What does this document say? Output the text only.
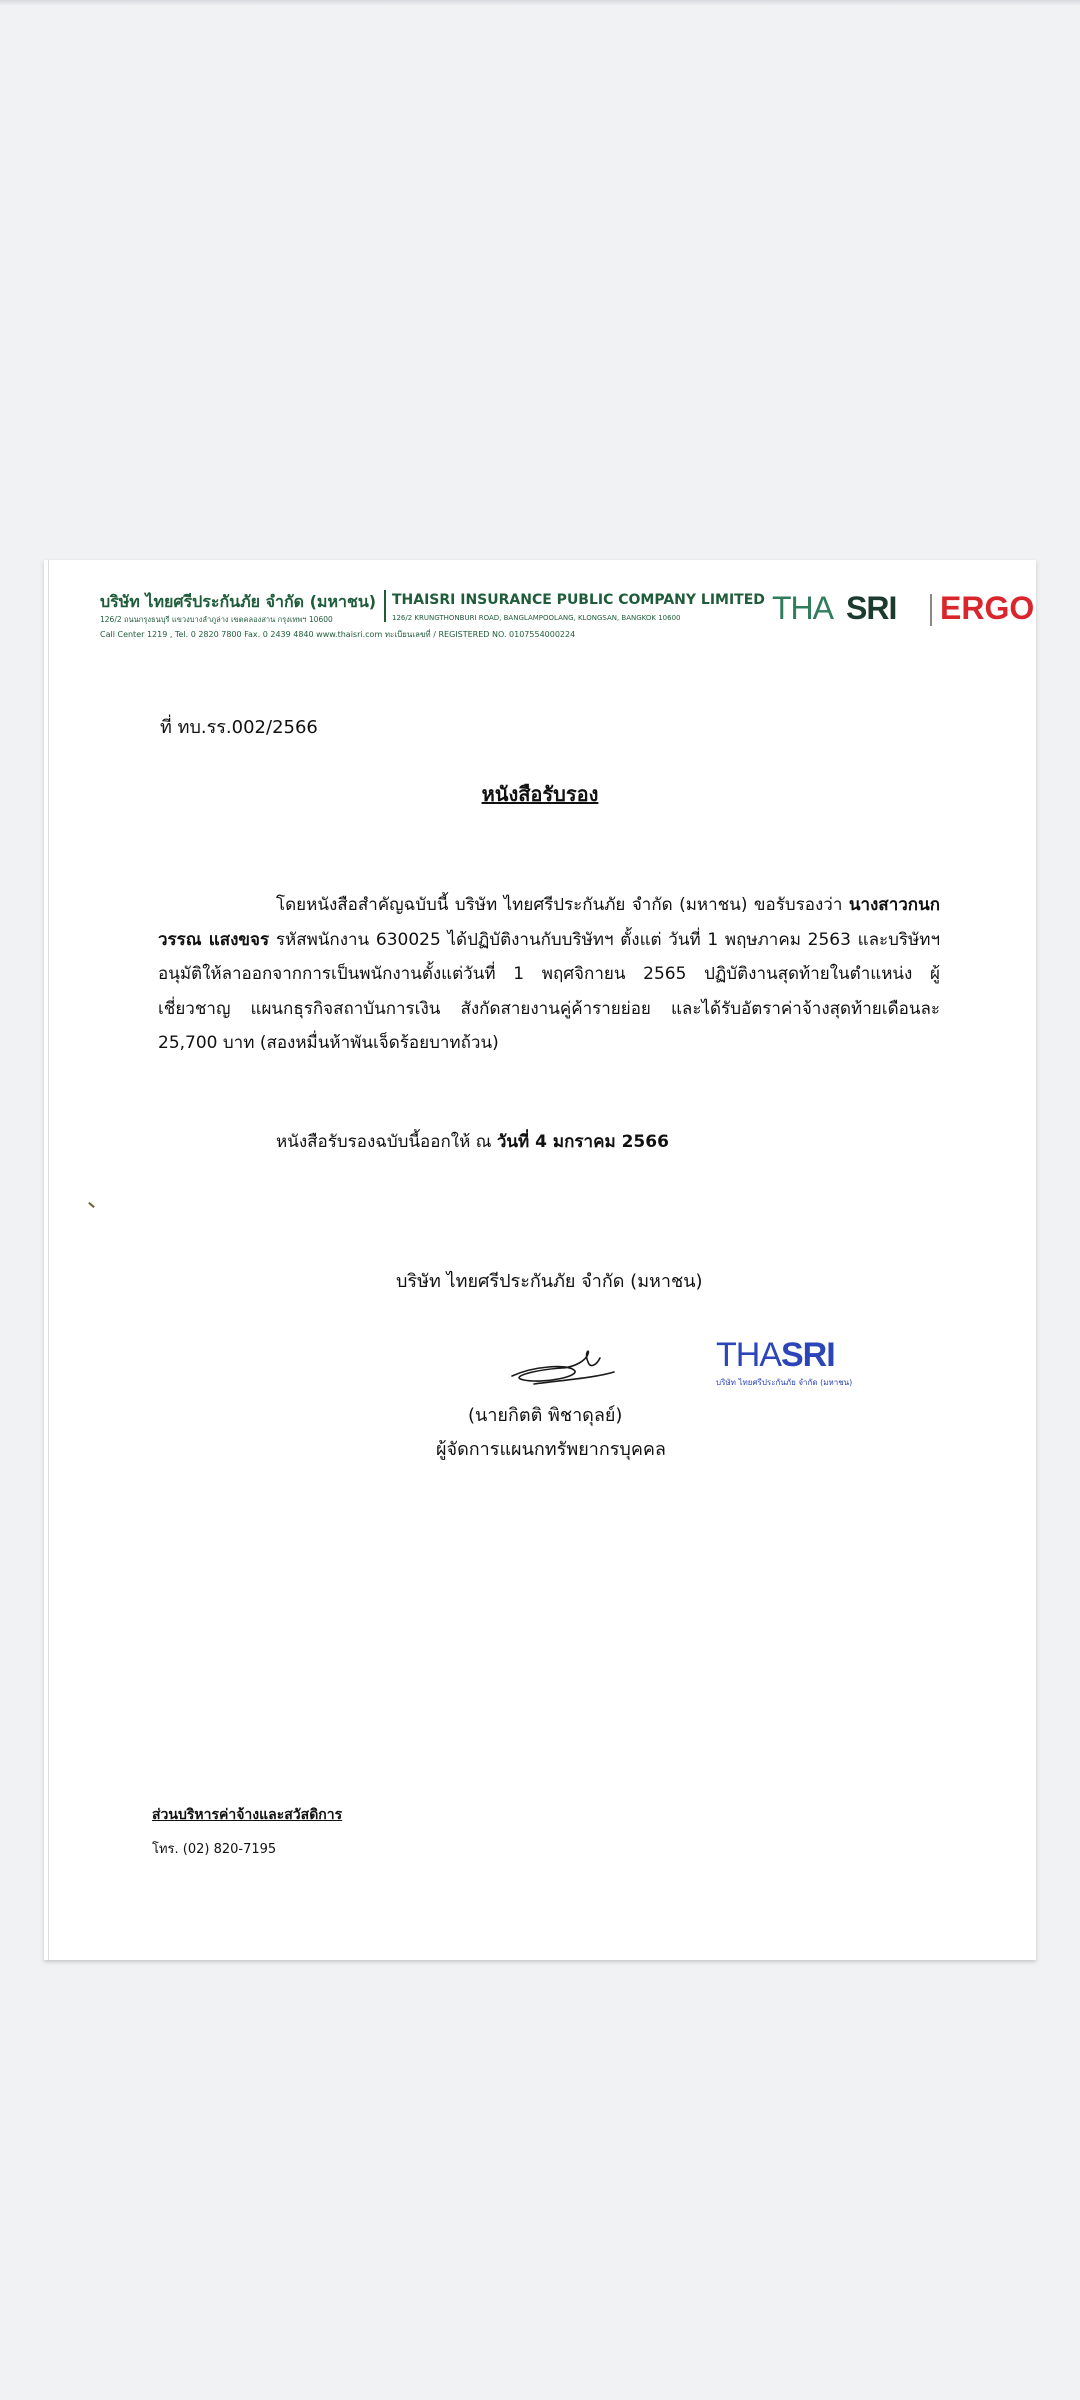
บริษัท ไทยศรีประกันภัย จำกัด (มหาชน) THAISRI INSURANCE PUBLIC COMPANY LIMITED
126/2 ถนนกรุงธนบุรี แขวงบางลำภูล่าง เขตคลองสาน กรุงเทพฯ 10600	126/2 KRUNGTHONBURI ROAD, BANGLAMPOOLANG, KLONGSAN, BANGKOK 10600
Call Center 1219 , Tel. 0 2820 7800 Fax. 0 2439 4840 www.thaisri.com ทะเบียนเลขที่ / REGISTERED NO. 0107554000224
THA SRI ERGO
ที่ ทบ.รร.002/2566
หนังสือรับรอง
โดยหนังสือสำคัญฉบับนี้ บริษัท ไทยศรีประกันภัย จำกัด (มหาชน) ขอรับรองว่า นางสาวกนกวรรณ แสงขจร รหัสพนักงาน 630025 ได้ปฏิบัติงานกับบริษัทฯ ตั้งแต่ วันที่ 1 พฤษภาคม 2563 และบริษัทฯ อนุมัติให้ลาออกจากการเป็นพนักงานตั้งแต่วันที่ 1 พฤศจิกายน 2565 ปฏิบัติงานสุดท้ายในตำแหน่ง ผู้เชี่ยวชาญ แผนกธุรกิจสถาบันการเงิน สังกัดสายงานคู่ค้ารายย่อย และได้รับอัตราค่าจ้างสุดท้ายเดือนละ 25,700 บาท (สองหมื่นห้าพันเจ็ดร้อยบาทถ้วน)
หนังสือรับรองฉบับนี้ออกให้ ณ วันที่ 4 มกราคม 2566
บริษัท ไทยศรีประกันภัย จำกัด (มหาชน)
THASRI
บริษัท ไทยศรีประกันภัย จำกัด (มหาชน)
(นายกิตติ พิชาดุลย์)
ผู้จัดการแผนกทรัพยากรบุคคล
ส่วนบริหารค่าจ้างและสวัสดิการ
โทร. (02) 820-7195
